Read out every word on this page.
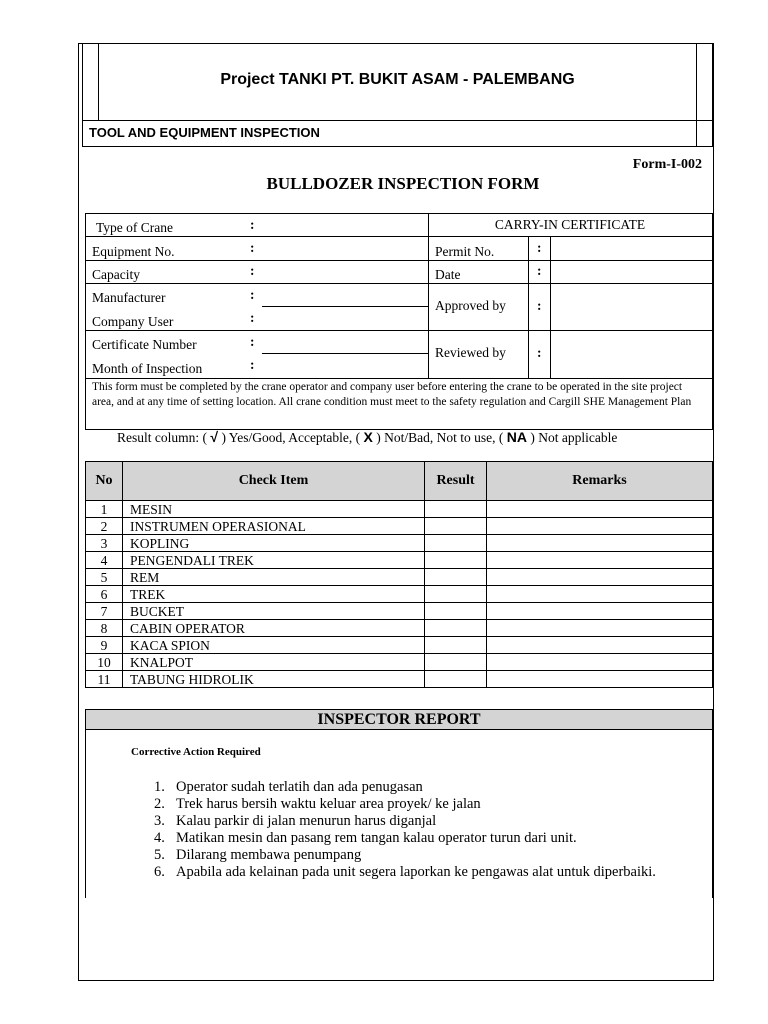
Project TANKI PT. BUKIT ASAM - PALEMBANG
TOOL AND EQUIPMENT INSPECTION
Form-I-002
BULLDOZER INSPECTION FORM
Type of Crane	:
Equipment No.	:
Capacity	:
Manufacturer	:
Company User	:
Certificate Number	:
Month of Inspection	:
CARRY-IN CERTIFICATE
Permit No.	:
Date	:
Approved by :
Reviewed by :
This form must be completed by the crane operator and company user before entering the crane to be operated in the site project area, and at any time of setting location. All crane condition must meet to the safety regulation and Cargill SHE Management Plan
Result column: ( √ ) Yes/Good, Acceptable, ( X ) Not/Bad, Not to use, ( NA ) Not applicable
No	Check Item	Result	Remarks
1	MESIN		
2	INSTRUMEN OPERASIONAL		
3	KOPLING		
4	PENGENDALI TREK		
5	REM		
6	TREK		
7	BUCKET		
8	CABIN OPERATOR		
9	KACA SPION		
10	KNALPOT		
11	TABUNG HIDROLIK		
INSPECTOR REPORT
Corrective Action Required
1. Operator sudah terlatih dan ada penugasan
2. Trek harus bersih waktu keluar area proyek/ ke jalan
3. Kalau parkir di jalan menurun harus diganjal
4. Matikan mesin dan pasang rem tangan kalau operator turun dari unit.
5. Dilarang membawa penumpang
6. Apabila ada kelainan pada unit segera laporkan ke pengawas alat untuk diperbaiki.
